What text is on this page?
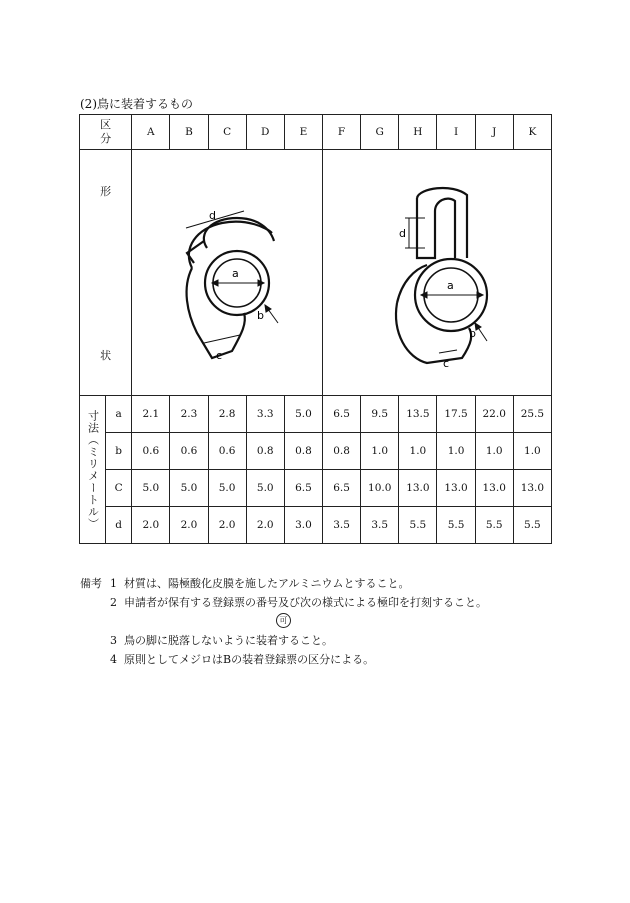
(2)鳥に装着するもの
区
分		A	B	C	D	E	F	G	H	I	J	K

形
状		d
a
b
c					d
a
b
c					

寸法（ミリメートル）	a	2.1	2.3	2.8	3.3	5.0	6.5	9.5	13.5	17.5	22.0	25.5
	b	0.6	0.6	0.6	0.8	0.8	0.8	1.0	1.0	1.0	1.0	1.0
	C	5.0	5.0	5.0	5.0	6.5	6.5	10.0	13.0	13.0	13.0	13.0
	d	2.0	2.0	2.0	2.0	3.0	3.5	3.5	5.5	5.5	5.5	5.5
備考 1 材質は、陽極酸化皮膜を施したアルミニウムとすること。
2 申請者が保有する登録票の番号及び次の様式による極印を打刻すること。
可
3 鳥の脚に脱落しないように装着すること。
4 原則としてメジロはBの装着登録票の区分による。
